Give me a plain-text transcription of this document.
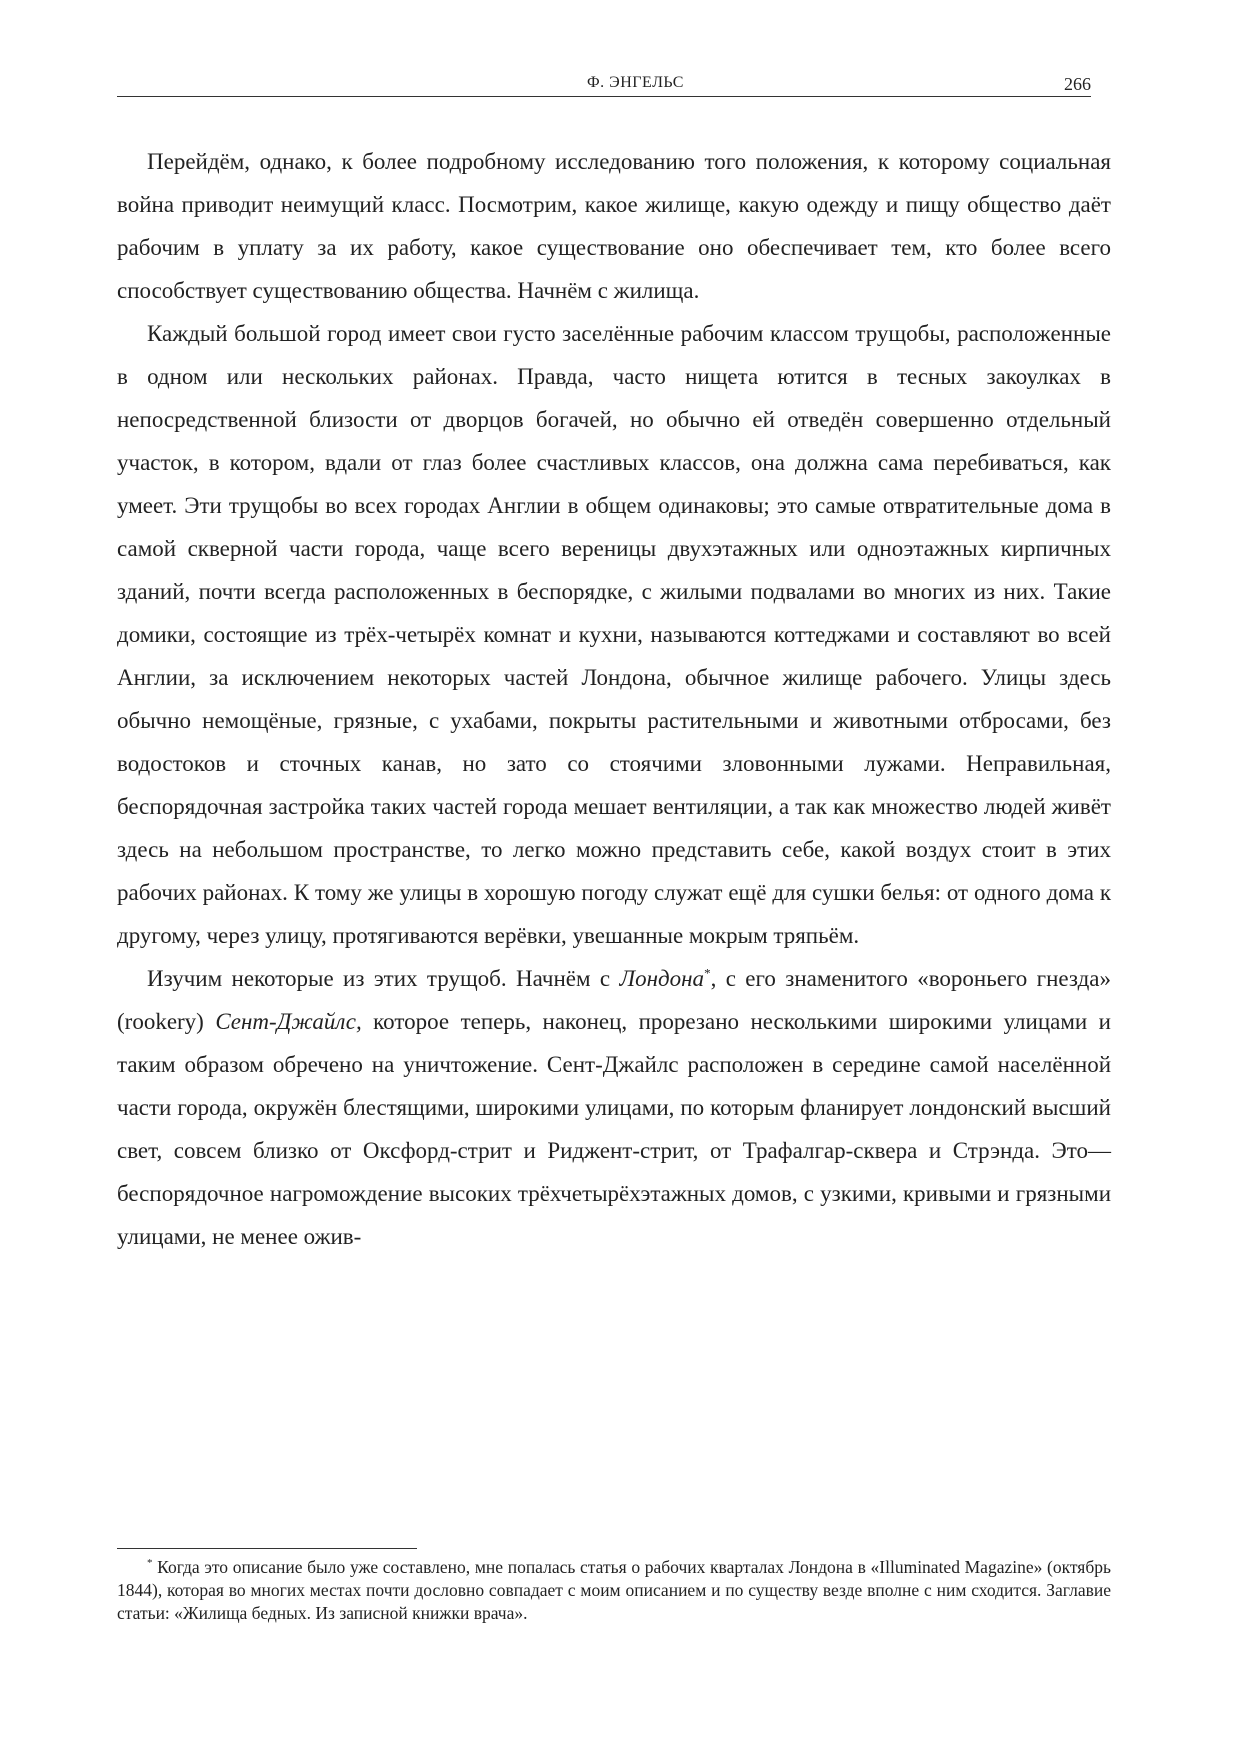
Ф. ЭНГЕЛЬС	266

Перейдём, однако, к более подробному исследованию того положения, к которому социальная война приводит неимущий класс. Посмотрим, какое жилище, какую одежду и пищу общество даёт рабочим в уплату за их работу, какое существование оно обеспечивает тем, кто более всего способствует существованию общества. Начнём с жилища.

Каждый большой город имеет свои густо заселённые рабочим классом трущобы, расположенные в одном или нескольких районах. Правда, часто нищета ютится в тесных закоулках в непосредственной близости от дворцов богачей, но обычно ей отведён совершенно отдельный участок, в котором, вдали от глаз более счастливых классов, она должна сама перебиваться, как умеет. Эти трущобы во всех городах Англии в общем одинаковы; это самые отвратительные дома в самой скверной части города, чаще всего вереницы двухэтажных или одноэтажных кирпичных зданий, почти всегда расположенных в беспорядке, с жилыми подвалами во многих из них. Такие домики, состоящие из трёх-четырёх комнат и кухни, называются коттеджами и составляют во всей Англии, за исключением некоторых частей Лондона, обычное жилище рабочего. Улицы здесь обычно немощёные, грязные, с ухабами, покрыты растительными и животными отбросами, без водостоков и сточных канав, но зато со стоячими зловонными лужами. Неправильная, беспорядочная застройка таких частей города мешает вентиляции, а так как множество людей живёт здесь на небольшом пространстве, то легко можно представить себе, какой воздух стоит в этих рабочих районах. К тому же улицы в хорошую погоду служат ещё для сушки белья: от одного дома к другому, через улицу, протягиваются верёвки, увешанные мокрым тряпьём.

Изучим некоторые из этих трущоб. Начнём с Лондона*, с его знаменитого «вороньего гнезда» (rookery) Сент-Джайлс, которое теперь, наконец, прорезано несколькими широкими улицами и таким образом обречено на уничтожение. Сент-Джайлс расположен в середине самой населённой части города, окружён блестящими, широкими улицами, по которым фланирует лондонский высший свет, совсем близко от Оксфорд-стрит и Риджент-стрит, от Трафалгар-сквера и Стрэнда. Это— беспорядочное нагромождение высоких трёхчетырёхэтажных домов, с узкими, кривыми и грязными улицами, не менее ожив-

* Когда это описание было уже составлено, мне попалась статья о рабочих кварталах Лондона в «Illuminated Magazine» (октябрь 1844), которая во многих местах почти дословно совпадает с моим описанием и по существу везде вполне с ним сходится. Заглавие статьи: «Жилища бедных. Из записной книжки врача».
